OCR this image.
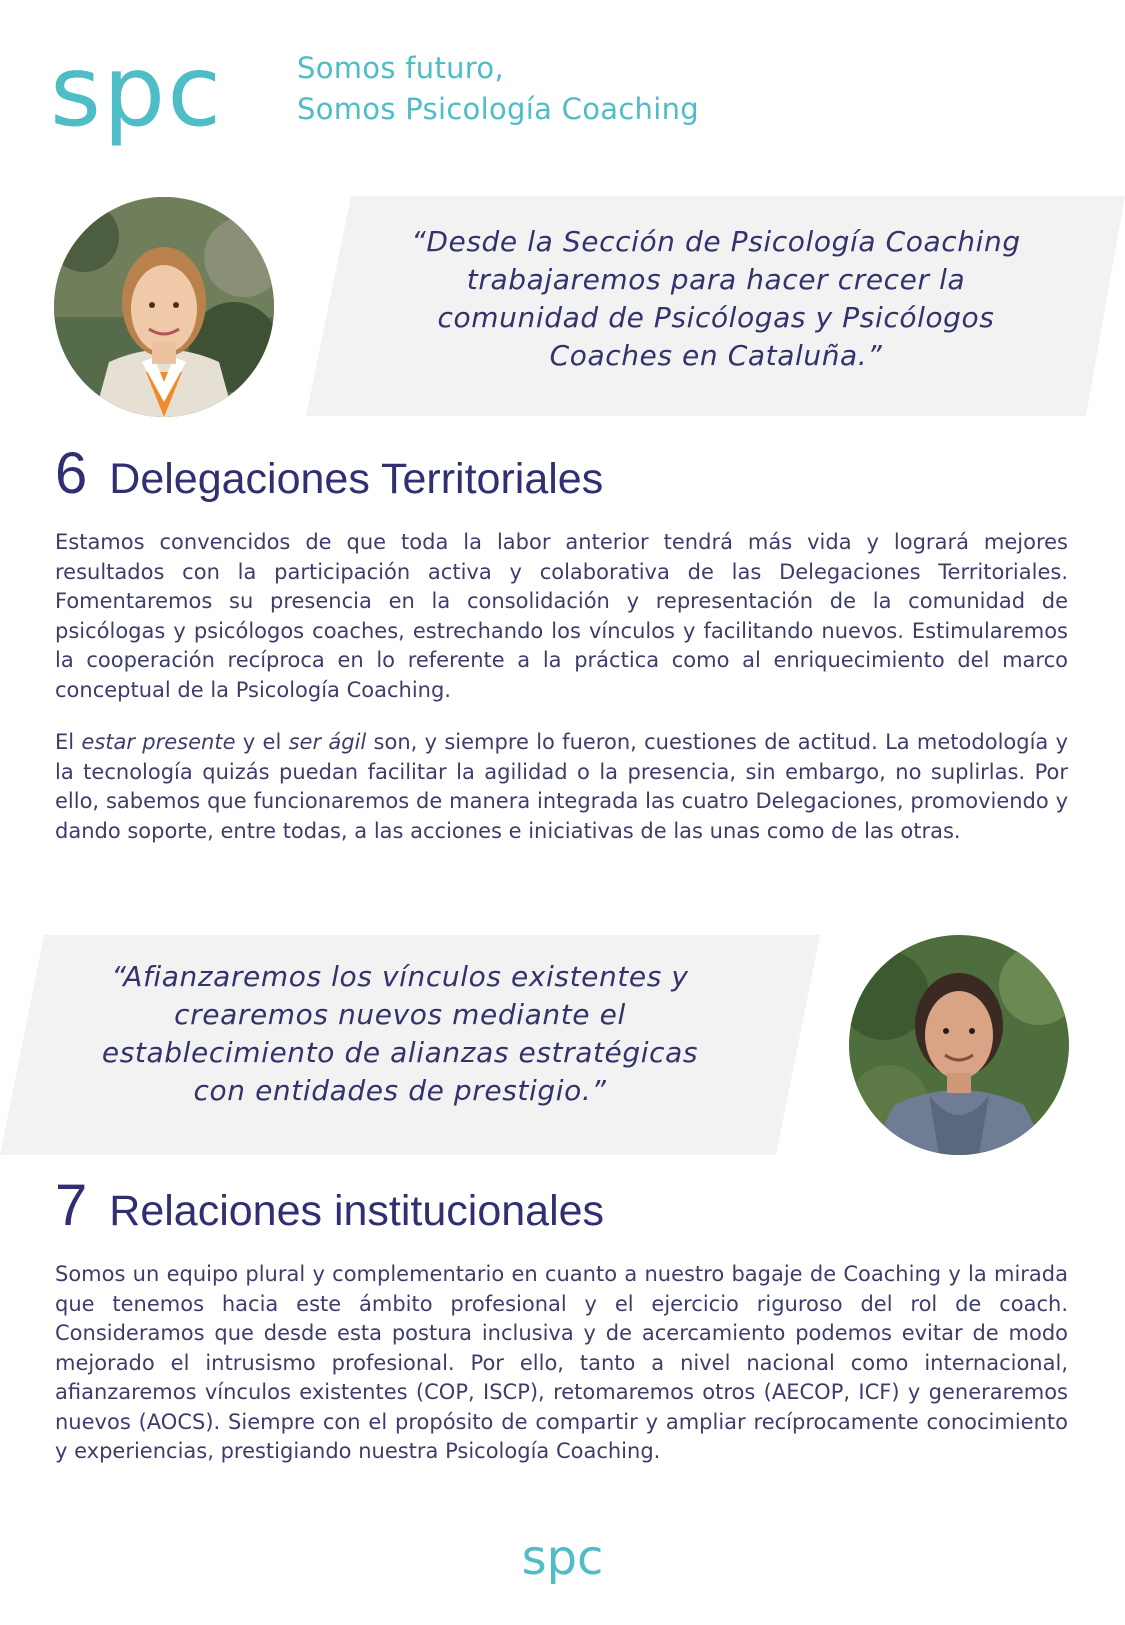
spc	Somos futuro,
Somos Psicología Coaching
“Desde la Sección de Psicología Coaching
trabajaremos para hacer crecer la
comunidad de Psicólogas y Psicólogos
Coaches en Cataluña.”
6 Delegaciones Territoriales

Estamos convencidos de que toda la labor anterior tendrá más vida y logrará mejores resultados con la participación activa y colaborativa de las Delegaciones Territoriales. Fomentaremos su presencia en la consolidación y representación de la comunidad de psicólogas y psicólogos coaches, estrechando los vínculos y facilitando nuevos. Estimularemos la cooperación recíproca en lo referente a la práctica como al enriquecimiento del marco conceptual de la Psicología Coaching.

El estar presente y el ser ágil son, y siempre lo fueron, cuestiones de actitud. La metodología y la tecnología quizás puedan facilitar la agilidad o la presencia, sin embargo, no suplirlas. Por ello, sabemos que funcionaremos de manera integrada las cuatro Delegaciones, promoviendo y dando soporte, entre todas, a las acciones e iniciativas de las unas como de las otras.

“Afianzaremos los vínculos existentes y
crearemos nuevos mediante el
establecimiento de alianzas estratégicas
con entidades de prestigio.”
7 Relaciones institucionales

Somos un equipo plural y complementario en cuanto a nuestro bagaje de Coaching y la mirada que tenemos hacia este ámbito profesional y el ejercicio riguroso del rol de coach. Consideramos que desde esta postura inclusiva y de acercamiento podemos evitar de modo mejorado el intrusismo profesional. Por ello, tanto a nivel nacional como internacional, afianzaremos vínculos existentes (COP, ISCP), retomaremos otros (AECOP, ICF) y generaremos nuevos (AOCS). Siempre con el propósito de compartir y ampliar recíprocamente conocimiento y experiencias, prestigiando nuestra Psicología Coaching.

spc
